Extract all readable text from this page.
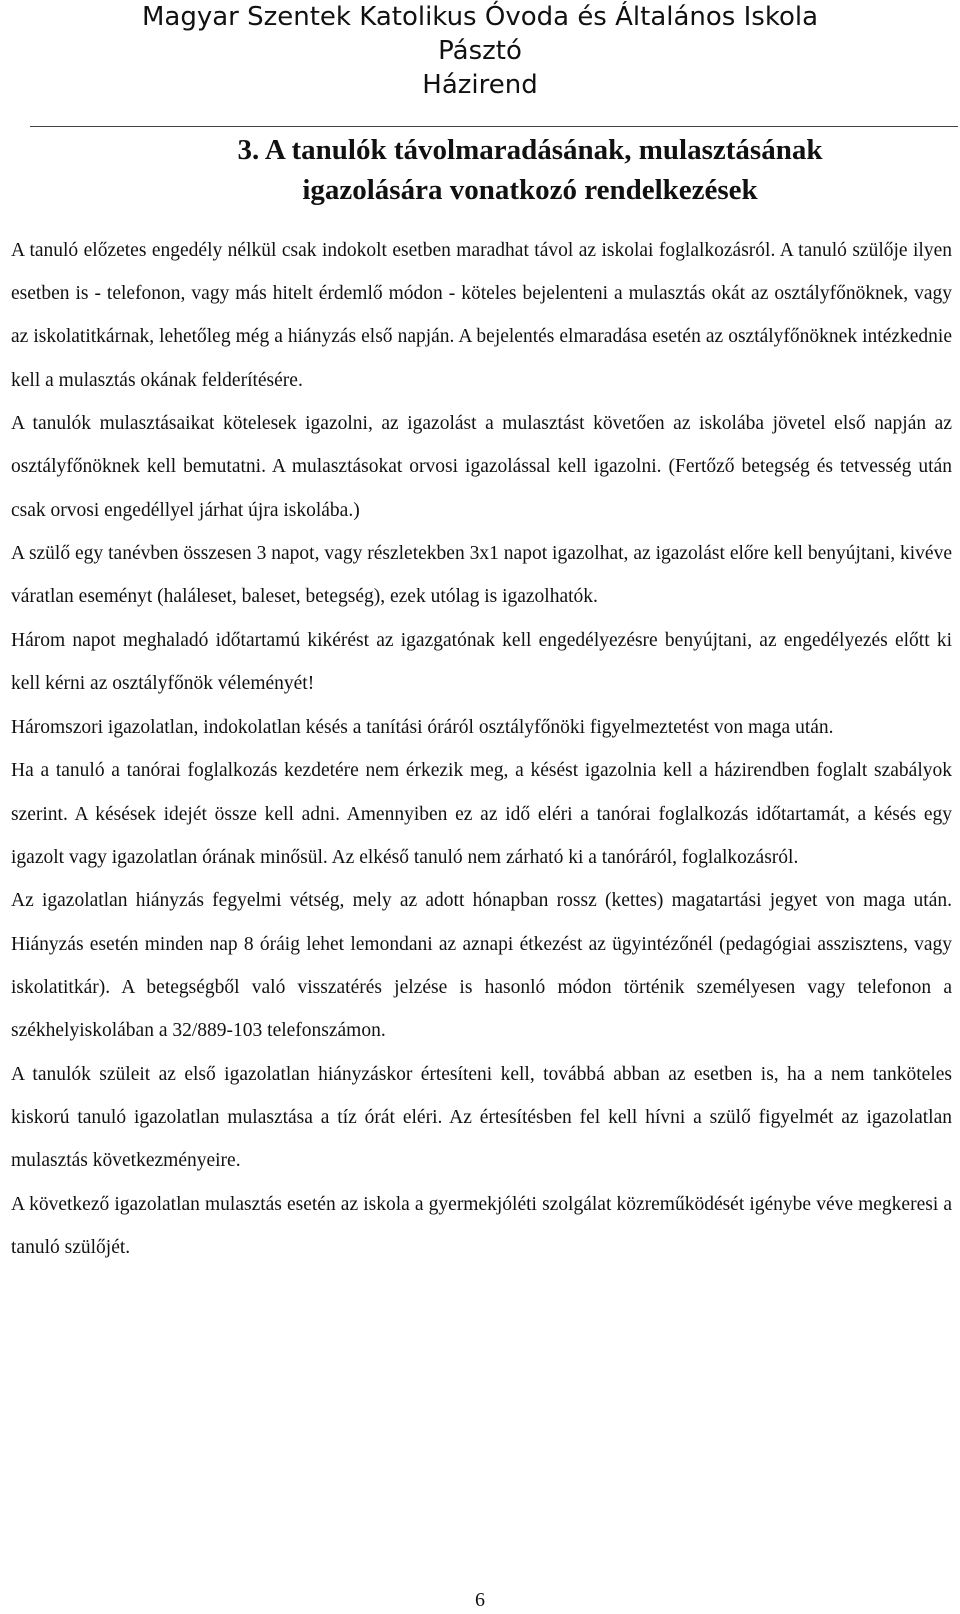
Magyar Szentek Katolikus Óvoda és Általános Iskola
Pásztó
Házirend
3. A tanulók távolmaradásának, mulasztásának
igazolására vonatkozó rendelkezések

A tanuló előzetes engedély nélkül csak indokolt esetben maradhat távol az iskolai foglalkozásról. A tanuló szülője ilyen esetben is - telefonon, vagy más hitelt érdemlő módon - köteles bejelenteni a mulasztás okát az osztályfőnöknek, vagy az iskolatitkárnak, lehetőleg még a hiányzás első napján. A bejelentés elmaradása esetén az osztályfőnöknek intézkednie kell a mulasztás okának felderítésére.

A tanulók mulasztásaikat kötelesek igazolni, az igazolást a mulasztást követően az iskolába jövetel első napján az osztályfőnöknek kell bemutatni. A mulasztásokat orvosi igazolással kell igazolni. (Fertőző betegség és tetvesség után csak orvosi engedéllyel járhat újra iskolába.)

A szülő egy tanévben összesen 3 napot, vagy részletekben 3x1 napot igazolhat, az igazolást előre kell benyújtani, kivéve váratlan eseményt (haláleset, baleset, betegség), ezek utólag is igazolhatók.

Három napot meghaladó időtartamú kikérést az igazgatónak kell engedélyezésre benyújtani, az engedélyezés előtt ki kell kérni az osztályfőnök véleményét!

Háromszori igazolatlan, indokolatlan késés a tanítási óráról osztályfőnöki figyelmeztetést von maga után.

Ha a tanuló a tanórai foglalkozás kezdetére nem érkezik meg, a késést igazolnia kell a házirendben foglalt szabályok szerint. A késések idejét össze kell adni. Amennyiben ez az idő eléri a tanórai foglalkozás időtartamát, a késés egy igazolt vagy igazolatlan órának minősül. Az elkéső tanuló nem zárható ki a tanóráról, foglalkozásról.

Az igazolatlan hiányzás fegyelmi vétség, mely az adott hónapban rossz (kettes) magatartási jegyet von maga után. Hiányzás esetén minden nap 8 óráig lehet lemondani az aznapi étkezést az ügyintézőnél (pedagógiai asszisztens, vagy iskolatitkár). A betegségből való visszatérés jelzése is hasonló módon történik személyesen vagy telefonon a székhelyiskolában a 32/889-103 telefonszámon.

A tanulók szüleit az első igazolatlan hiányzáskor értesíteni kell, továbbá abban az esetben is, ha a nem tanköteles kiskorú tanuló igazolatlan mulasztása a tíz órát eléri. Az értesítésben fel kell hívni a szülő figyelmét az igazolatlan mulasztás következményeire.

A következő igazolatlan mulasztás esetén az iskola a gyermekjóléti szolgálat közreműködését igénybe véve megkeresi a tanuló szülőjét.

6
